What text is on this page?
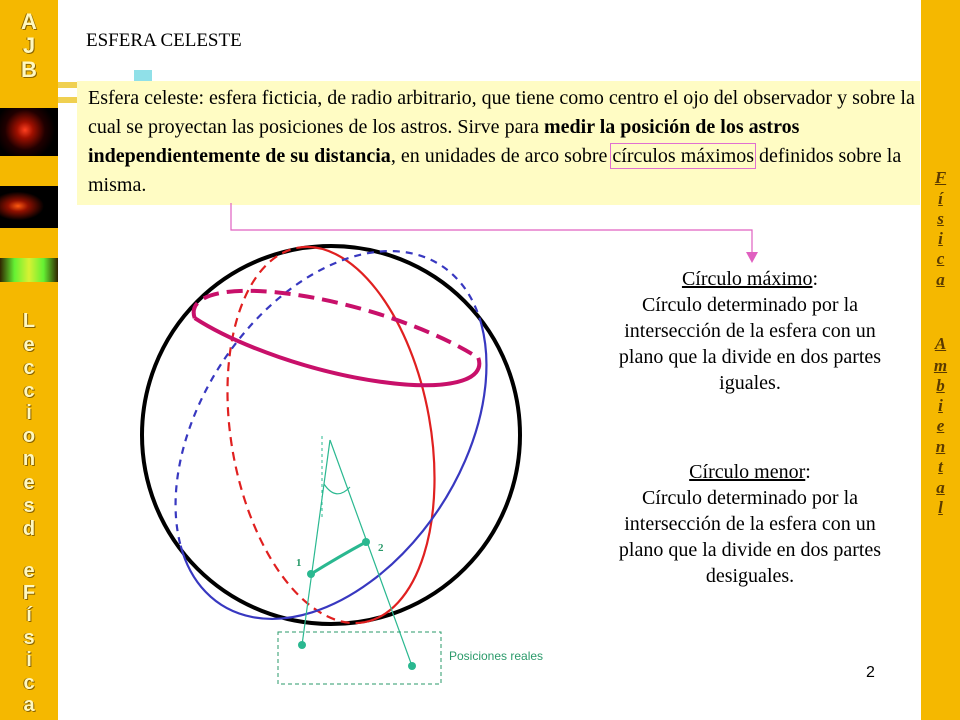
A
J
B
L
e
c
c
i
o
n
e
s
d
e
F
í
s
i
c
a
F
í
s
i
c
a
A
m
b
i
e
n
t
a
l
ESFERA CELESTE
Esfera celeste: esfera ficticia, de radio arbitrario, que tiene como centro el ojo del observador y sobre la cual se proyectan las posiciones de los astros. Sirve para medir la posición de los astros independientemente de su distancia, en unidades de arco sobre círculos máximos definidos sobre la misma.
Círculo máximo:
Círculo determinado por la intersección de la esfera con un plano que la divide en dos partes iguales.
Círculo menor:
Círculo determinado por la intersección de la esfera con un plano que la divide en dos partes desiguales.
1
2
Posiciones reales
2
